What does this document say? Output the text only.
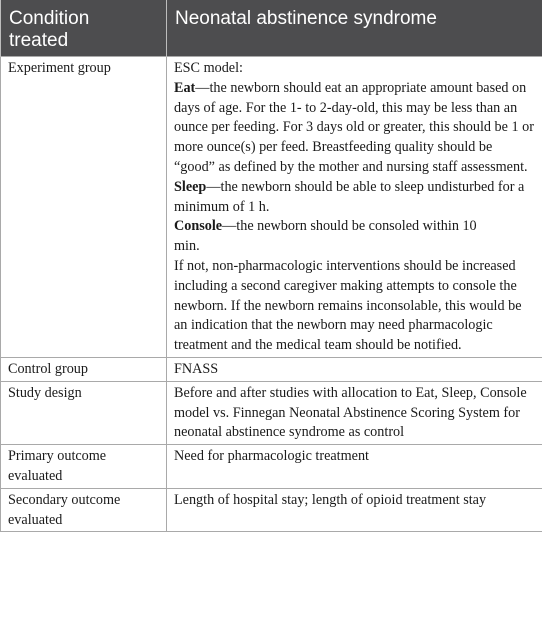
Condition treated	Neonatal abstinence syndrome
Experiment group	ESC model:
Eat—the newborn should eat an appropriate amount based on days of age. For the 1- to 2-day-old, this may be less than an ounce per feeding. For 3 days old or greater, this should be 1 or more ounce(s) per feed. Breastfeeding quality should be “good” as defined by the mother and nursing staff assessment.
Sleep—the newborn should be able to sleep undisturbed for a minimum of 1 h.
Console—the newborn should be consoled within 10 min.
If not, non-pharmacologic interventions should be increased including a second caregiver making attempts to console the newborn. If the newborn remains inconsolable, this would be an indication that the newborn may need pharmacologic treatment and the medical team should be notified.

Control group	FNASS
Study design	Before and after studies with allocation to Eat, Sleep, Console model vs. Finnegan Neonatal Abstinence Scoring System for neonatal abstinence syndrome as control
Primary outcome evaluated	Need for pharmacologic treatment
Secondary outcome evaluated	Length of hospital stay; length of opioid treatment stay
